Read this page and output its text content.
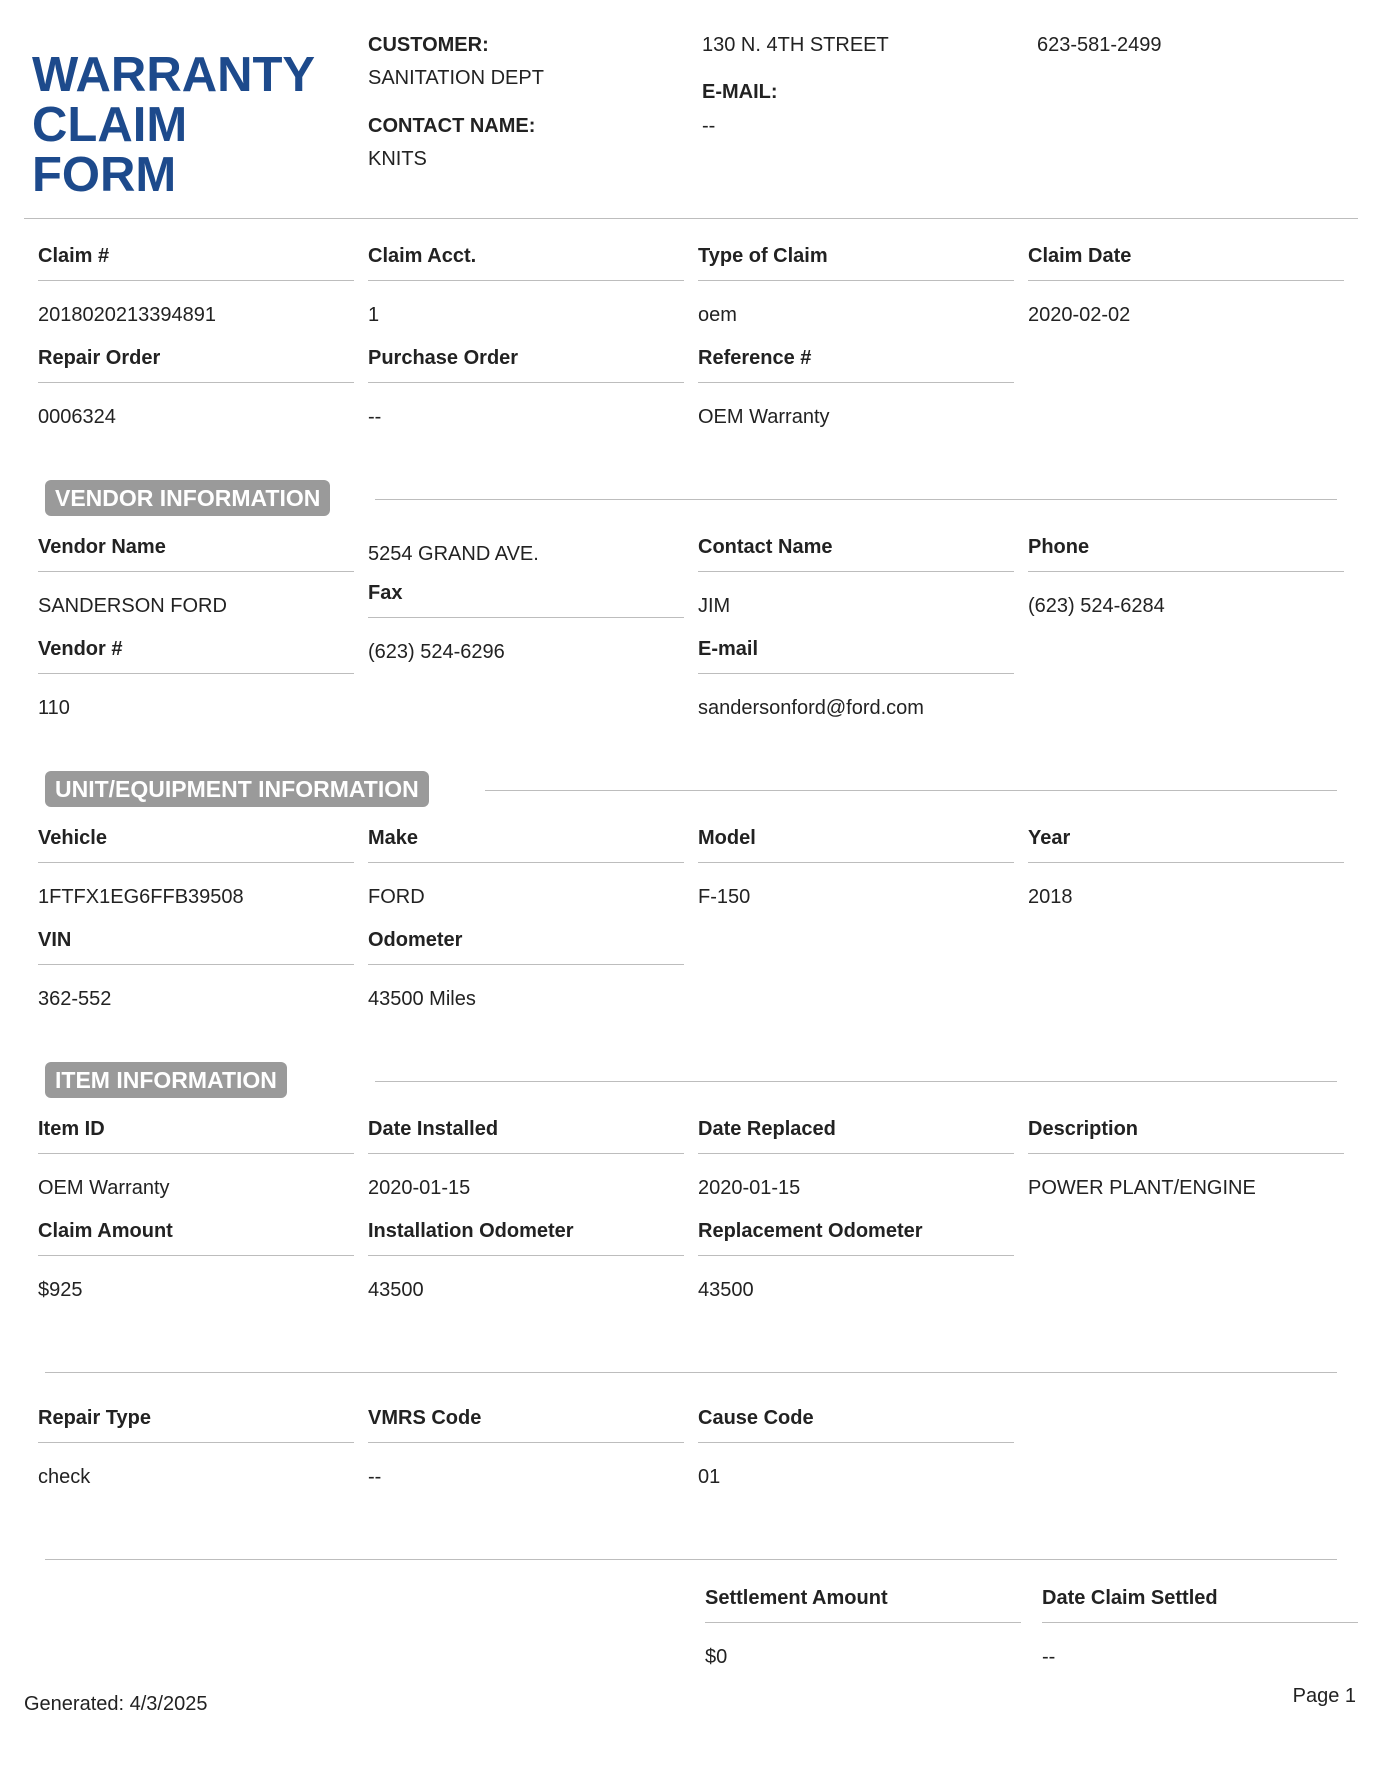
WARRANTY CLAIM FORM
CUSTOMER:
SANITATION DEPT
CONTACT NAME:
KNITS
130 N. 4TH STREET
E-MAIL:
--
623-581-2499
Claim #
2018020213394891
Claim Acct.
1
Type of Claim
oem
Claim Date
2020-02-02
Repair Order
0006324
Purchase Order
--
Reference #
OEM Warranty
VENDOR INFORMATION
Vendor Name
SANDERSON FORD
5254 GRAND AVE.	Contact Name
JIM
Phone
(623) 524-6284
Fax
(623) 524-6296
Vendor #
110
E-mail
sandersonford@ford.com
UNIT/EQUIPMENT INFORMATION
Vehicle
1FTFX1EG6FFB39508
Make
FORD
Model
F-150
Year
2018
VIN
362-552
Odometer
43500 Miles
ITEM INFORMATION
Item ID
OEM Warranty
Date Installed
2020-01-15
Date Replaced
2020-01-15
Description
POWER PLANT/ENGINE
Claim Amount
$925
Installation Odometer
43500
Replacement Odometer
43500
Repair Type
check
VMRS Code
--
Cause Code
01
Settlement Amount
$0
Date Claim Settled
--
Generated: 4/3/2025	Page 1
